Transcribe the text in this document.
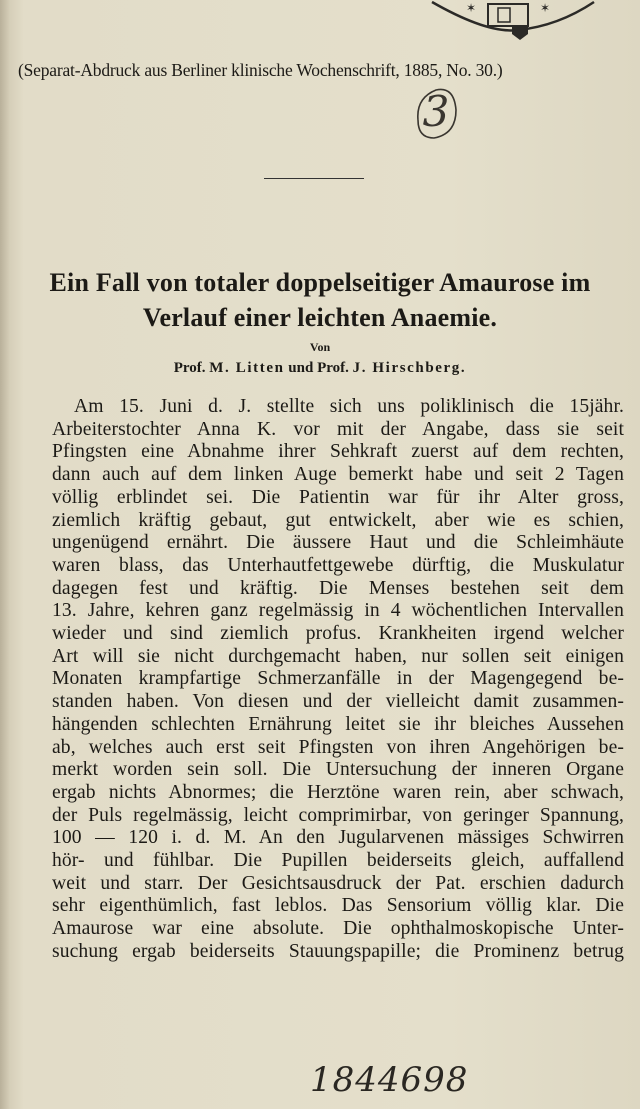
✶	✶
(Separat-Abdruck aus Berliner klinische Wochenschrift, 1885, No. 30.)
3
Ein Fall von totaler doppelseitiger Amaurose im
Verlauf einer leichten Anaemie.
Von
Prof. M. Litten und Prof. J. Hirschberg.
Am 15. Juni d. J. stellte sich uns poliklinisch die 15jähr.
Arbeiterstochter Anna K. vor mit der Angabe, dass sie seit
Pfingsten eine Abnahme ihrer Sehkraft zuerst auf dem rechten,
dann auch auf dem linken Auge bemerkt habe und seit 2 Tagen
völlig erblindet sei. Die Patientin war für ihr Alter gross,
ziemlich kräftig gebaut, gut entwickelt, aber wie es schien,
ungenügend ernährt. Die äussere Haut und die Schleimhäute
waren blass, das Unterhautfettgewebe dürftig, die Muskulatur
dagegen fest und kräftig. Die Menses bestehen seit dem
13. Jahre, kehren ganz regelmässig in 4 wöchentlichen Intervallen
wieder und sind ziemlich profus. Krankheiten irgend welcher
Art will sie nicht durchgemacht haben, nur sollen seit einigen
Monaten krampfartige Schmerzanfälle in der Magengegend be-
standen haben. Von diesen und der vielleicht damit zusammen-
hängenden schlechten Ernährung leitet sie ihr bleiches Aussehen
ab, welches auch erst seit Pfingsten von ihren Angehörigen be-
merkt worden sein soll. Die Untersuchung der inneren Organe
ergab nichts Abnormes; die Herztöne waren rein, aber schwach,
der Puls regelmässig, leicht comprimirbar, von geringer Spannung,
100 — 120 i. d. M. An den Jugularvenen mässiges Schwirren
hör- und fühlbar. Die Pupillen beiderseits gleich, auffallend
weit und starr. Der Gesichtsausdruck der Pat. erschien dadurch
sehr eigenthümlich, fast leblos. Das Sensorium völlig klar. Die
Amaurose war eine absolute. Die ophthalmoskopische Unter-
suchung ergab beiderseits Stauungspapille; die Prominenz betrug
1844698
